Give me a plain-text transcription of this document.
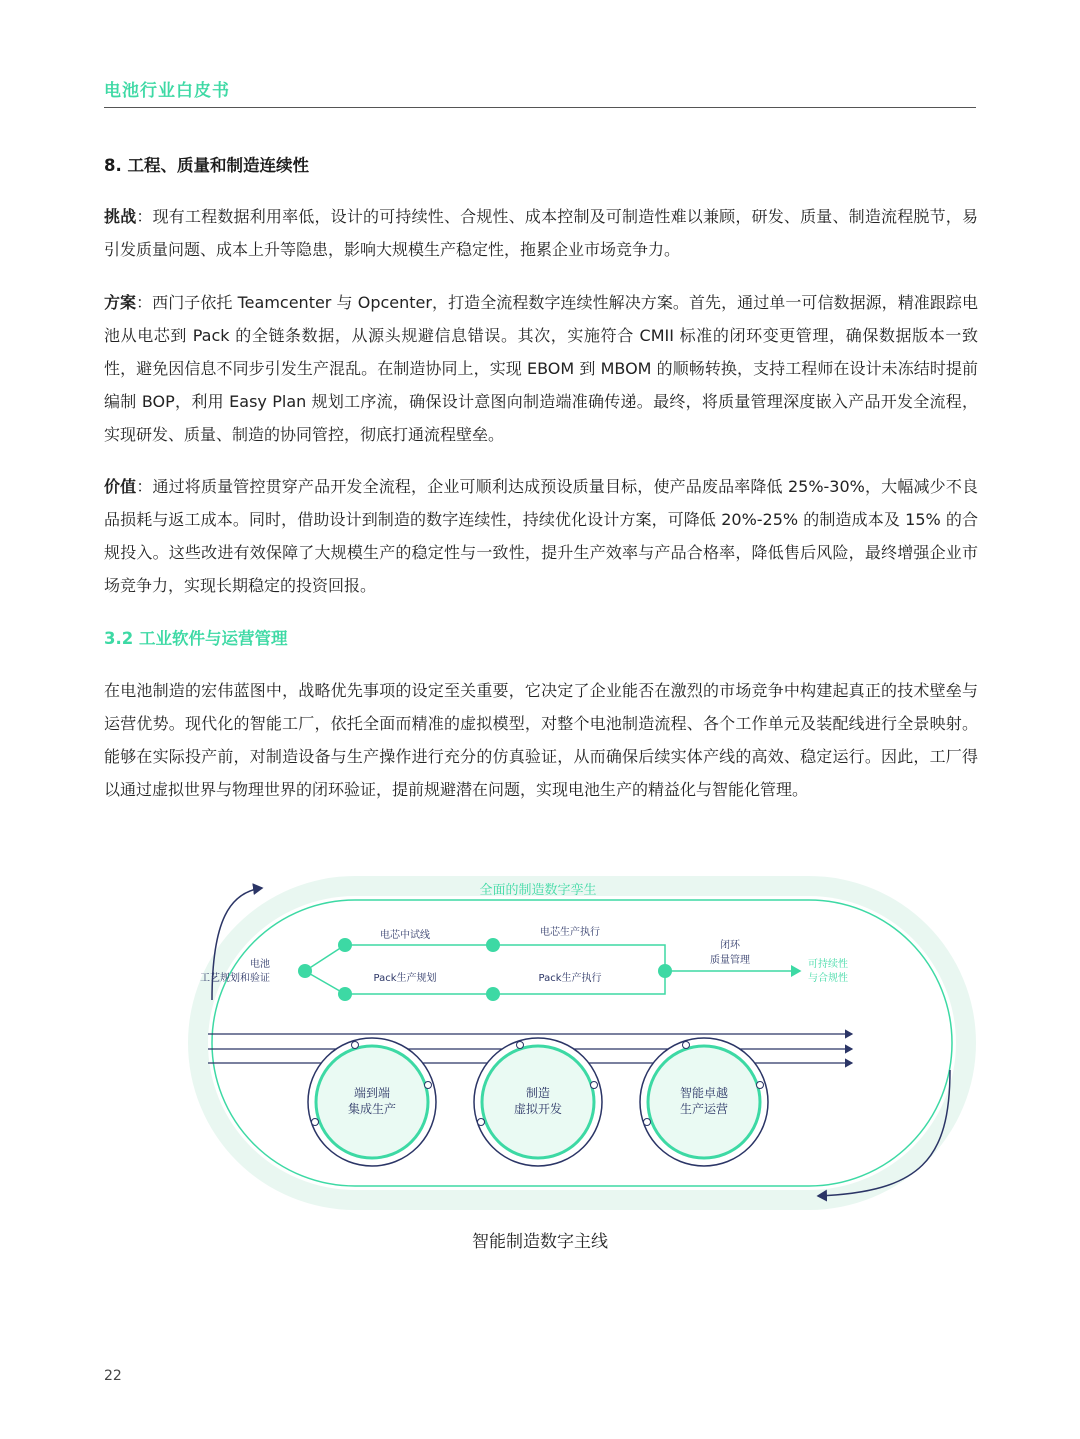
电池行业白皮书
8. 工程、质量和制造连续性

挑战：现有工程数据利用率低，设计的可持续性、合规性、成本控制及可制造性难以兼顾，研发、质量、制造流程脱节，易引发质量问题、成本上升等隐患，影响大规模生产稳定性，拖累企业市场竞争力。

方案：西门子依托 Teamcenter 与 Opcenter，打造全流程数字连续性解决方案。首先，通过单一可信数据源，精准跟踪电池从电芯到 Pack 的全链条数据，从源头规避信息错误。其次，实施符合 CMII 标准的闭环变更管理，确保数据版本一致性，避免因信息不同步引发生产混乱。在制造协同上，实现 EBOM 到 MBOM 的顺畅转换，支持工程师在设计未冻结时提前编制 BOP，利用 Easy Plan 规划工序流，确保设计意图向制造端准确传递。最终，将质量管理深度嵌入产品开发全流程，实现研发、质量、制造的协同管控，彻底打通流程壁垒。

价值：通过将质量管控贯穿产品开发全流程，企业可顺利达成预设质量目标，使产品废品率降低 25%-30%，大幅减少不良品损耗与返工成本。同时，借助设计到制造的数字连续性，持续优化设计方案，可降低 20%-25% 的制造成本及 15% 的合规投入。这些改进有效保障了大规模生产的稳定性与一致性，提升生产效率与产品合格率，降低售后风险，最终增强企业市场竞争力，实现长期稳定的投资回报。

3.2 工业软件与运营管理

在电池制造的宏伟蓝图中，战略优先事项的设定至关重要，它决定了企业能否在激烈的市场竞争中构建起真正的技术壁垒与运营优势。现代化的智能工厂，依托全面而精准的虚拟模型，对整个电池制造流程、各个工作单元及装配线进行全景映射。能够在实际投产前，对制造设备与生产操作进行充分的仿真验证，从而确保后续实体产线的高效、稳定运行。因此，工厂得以通过虚拟世界与物理世界的闭环验证，提前规避潜在问题，实现电池生产的精益化与智能化管理。

全面的制造数字孪生
电池
工艺规划和验证
电芯中试线	电芯生产执行
Pack生产规划	Pack生产执行
闭环
质量管理	可持续性
与合规性
端到端
集成生产
制造
虚拟开发
智能卓越
生产运营
智能制造数字主线
22
